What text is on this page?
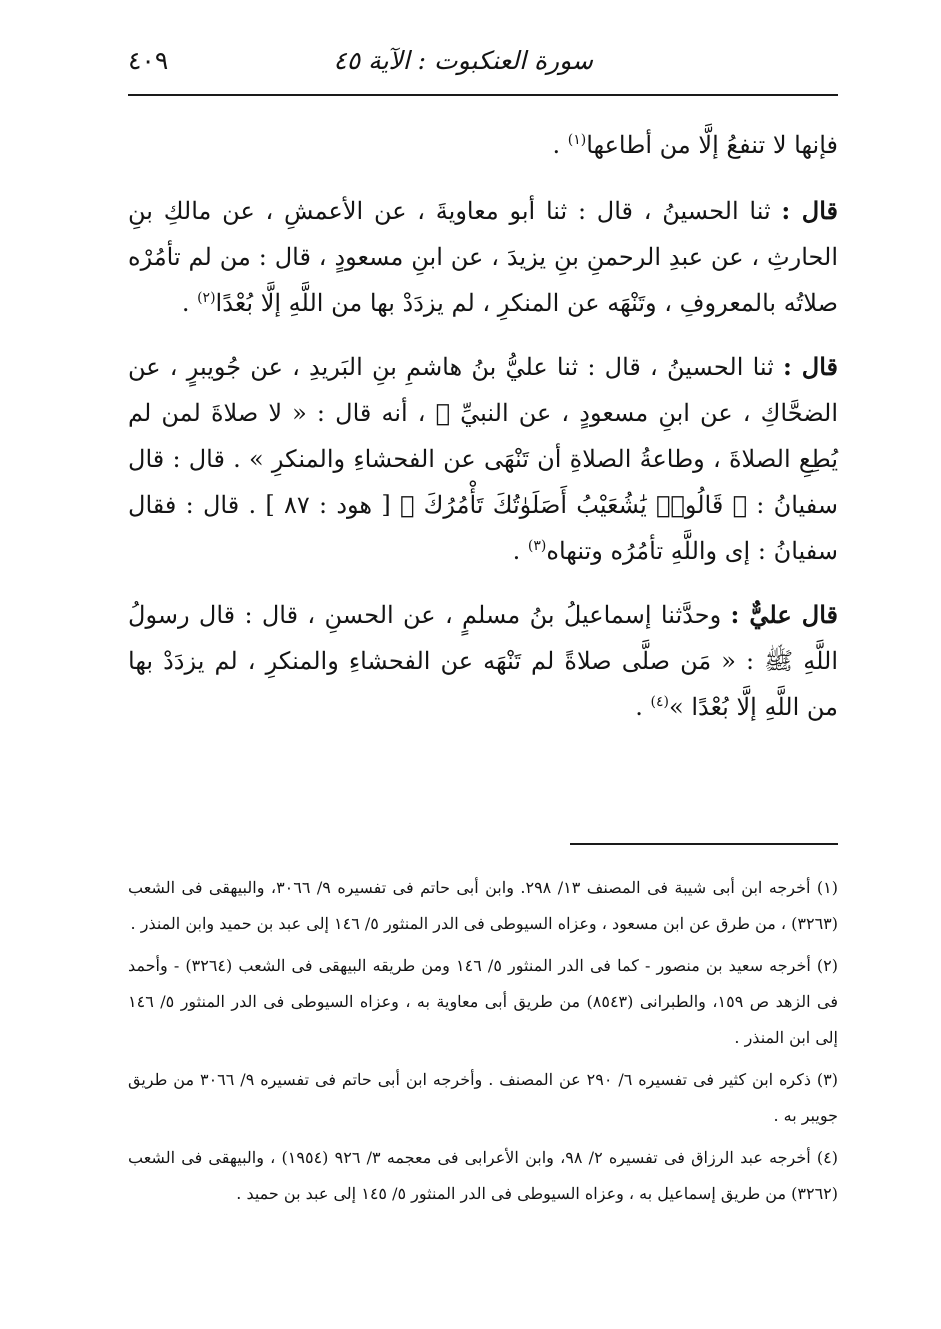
سورة العنكبوت : الآية ٤٥
٤٠٩

فإنها لا تنفعُ إلَّا من أطاعها$^{(١)}$ .

قال : ثنا الحسينُ ، قال : ثنا أبو معاويةَ ، عن الأعمشِ ، عن مالكِ بنِ الحارثِ ، عن عبدِ الرحمنِ بنِ يزيدَ ، عن ابنِ مسعودٍ ، قال : من لم تأمُرْه صلاتُه بالمعروفِ ، وتَنْهَه عن المنكرِ ، لم يزدَدْ بها من اللَّهِ إلَّا بُعْدًا$^{(٢)}$ .

قال : ثنا الحسينُ ، قال : ثنا عليُّ بنُ هاشمِ بنِ البَريدِ ، عن جُويبرٍ ، عن الضحَّاكِ ، عن ابنِ مسعودٍ ، عن النبيِّ ﷺ ، أنه قال : « لا صلاةَ لمن لم يُطِعِ الصلاةَ ، وطاعةُ الصلاةِ أن تَنْهَى عن الفحشاءِ والمنكرِ » . قال : قال سفيانُ : ﴿ قَالُوا۟ يَٰشُعَيْبُ أَصَلَوٰتُكَ تَأْمُرُكَ ﴾ [ هود : ٨٧ ] . قال : فقال سفيانُ : إى واللَّهِ تأمُرُه وتنهاه$^{(٣)}$ .

قال عليٌّ : وحدَّثنا إسماعيلُ بنُ مسلمٍ ، عن الحسنِ ، قال : قال رسولُ اللَّهِ ﷺ : « مَن صلَّى صلاةً لم تَنْهَه عن الفحشاءِ والمنكرِ ، لم يزدَدْ بها من اللَّهِ إلَّا بُعْدًا »$^{(٤)}$ .

(١) أخرجه ابن أبى شيبة فى المصنف ١٣/ ٢٩٨. وابن أبى حاتم فى تفسيره ٩/ ٣٠٦٦، والبيهقى فى الشعب (٣٢٦٣) ، من طرق عن ابن مسعود ، وعزاه السيوطى فى الدر المنثور ٥/ ١٤٦ إلى عبد بن حميد وابن المنذر .

(٢) أخرجه سعيد بن منصور - كما فى الدر المنثور ٥/ ١٤٦ ومن طريقه البيهقى فى الشعب (٣٢٦٤) - وأحمد فى الزهد ص ١٥٩، والطبرانى (٨٥٤٣) من طريق أبى معاوية به ، وعزاه السيوطى فى الدر المنثور ٥/ ١٤٦ إلى ابن المنذر .

(٣) ذكره ابن كثير فى تفسيره ٦/ ٢٩٠ عن المصنف . وأخرجه ابن أبى حاتم فى تفسيره ٩/ ٣٠٦٦ من طريق جويبر به .

(٤) أخرجه عبد الرزاق فى تفسيره ٢/ ٩٨، وابن الأعرابى فى معجمه ٣/ ٩٢٦ (١٩٥٤) ، والبيهقى فى الشعب (٣٢٦٢) من طريق إسماعيل به ، وعزاه السيوطى فى الدر المنثور ٥/ ١٤٥ إلى عبد بن حميد .
